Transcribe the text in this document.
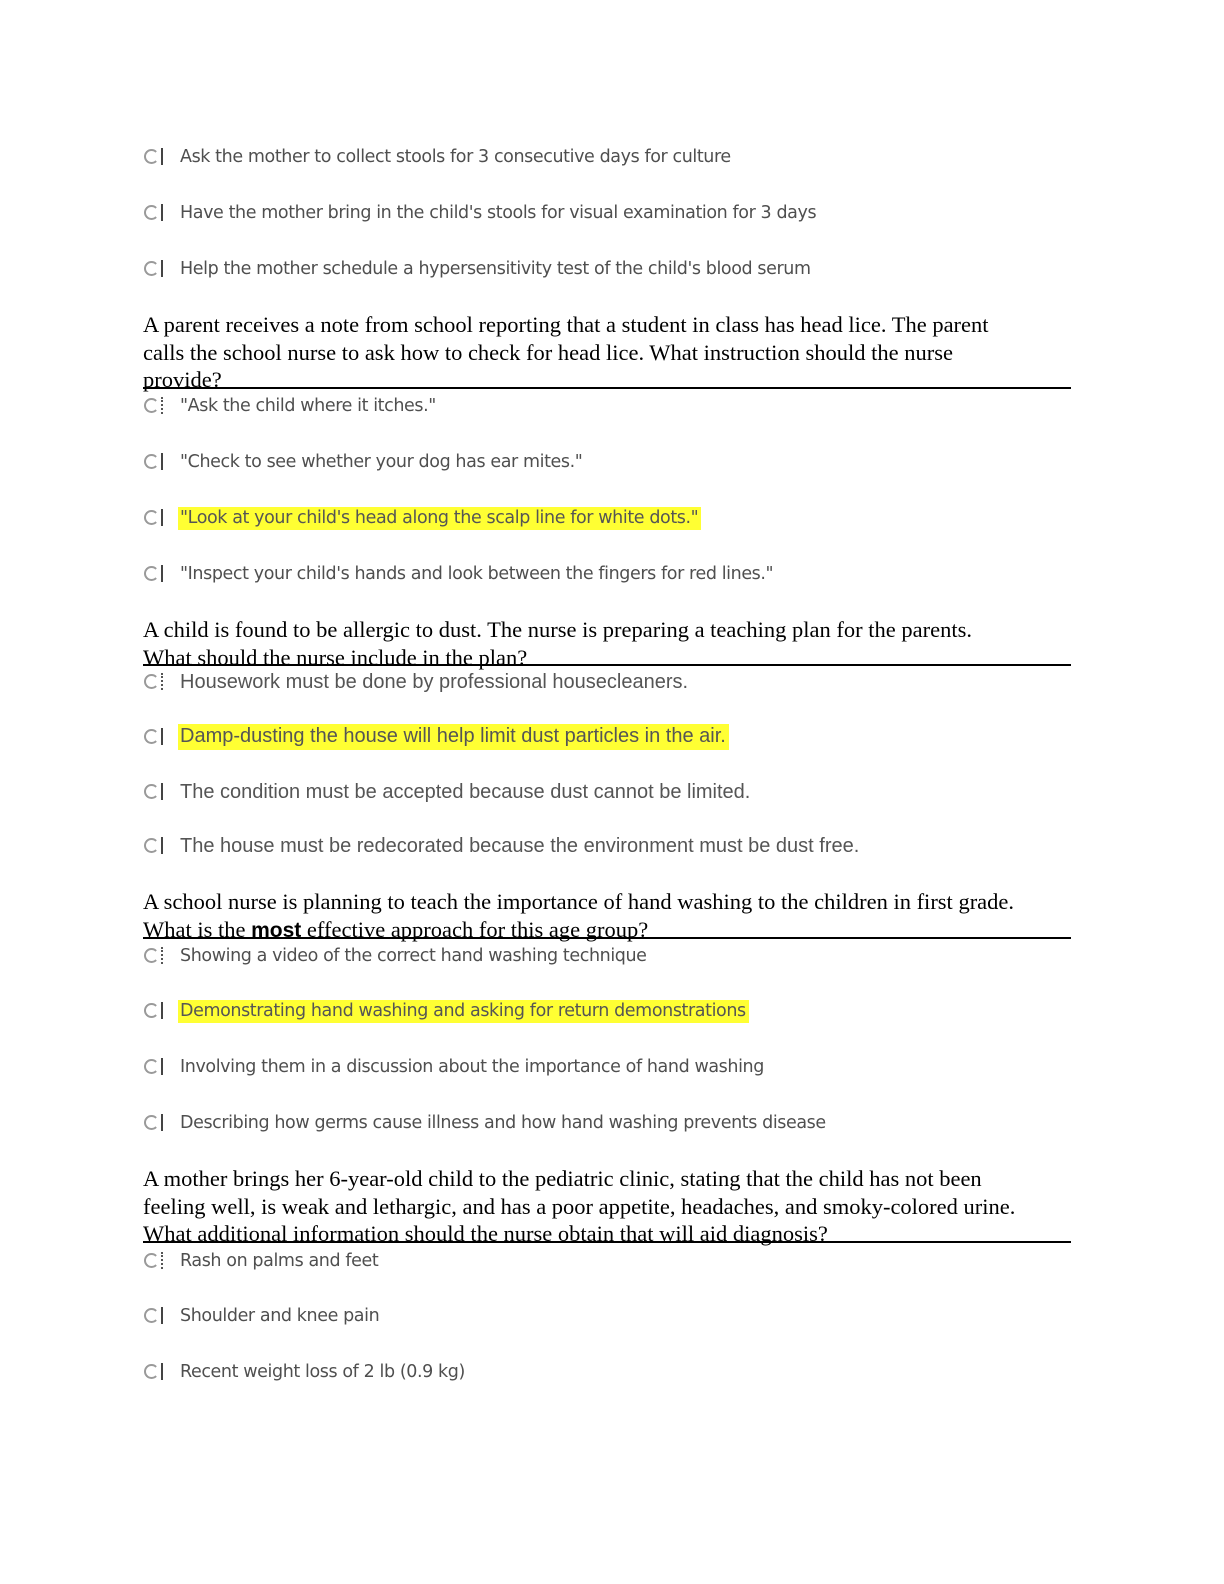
Ask the mother to collect stools for 3 consecutive days for culture
Have the mother bring in the child's stools for visual examination for 3 days
Help the mother schedule a hypersensitivity test of the child's blood serum
A parent receives a note from school reporting that a student in class has head lice. The parent
calls the school nurse to ask how to check for head lice. What instruction should the nurse
provide?
"Ask the child where it itches."
"Check to see whether your dog has ear mites."
"Look at your child's head along the scalp line for white dots."
"Inspect your child's hands and look between the fingers for red lines."
A child is found to be allergic to dust. The nurse is preparing a teaching plan for the parents.
What should the nurse include in the plan?
Housework must be done by professional housecleaners.
Damp-dusting the house will help limit dust particles in the air.
The condition must be accepted because dust cannot be limited.
The house must be redecorated because the environment must be dust free.
A school nurse is planning to teach the importance of hand washing to the children in first grade.
What is the most effective approach for this age group?
Showing a video of the correct hand washing technique
Demonstrating hand washing and asking for return demonstrations
Involving them in a discussion about the importance of hand washing
Describing how germs cause illness and how hand washing prevents disease
A mother brings her 6-year-old child to the pediatric clinic, stating that the child has not been
feeling well, is weak and lethargic, and has a poor appetite, headaches, and smoky-colored urine.
What additional information should the nurse obtain that will aid diagnosis?
Rash on palms and feet
Shoulder and knee pain
Recent weight loss of 2 lb (0.9 kg)
